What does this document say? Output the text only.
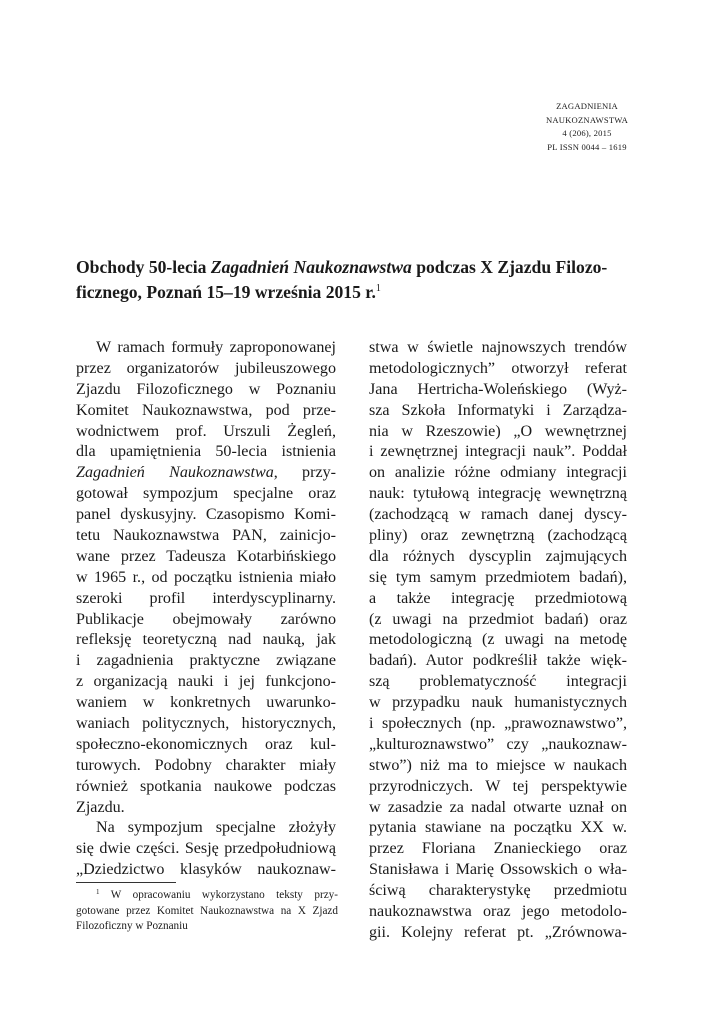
ZAGADNIENIA
NAUKOZNAWSTWA
4 (206), 2015
PL ISSN 0044 – 1619
Obchody 50-lecia Zagadnień Naukoznawstwa podczas X Zjazdu Filozo-
ficznego, Poznań 15–19 września 2015 r.$^1$
W ramach formuły zaproponowanej
przez organizatorów jubileuszowego
Zjazdu Filozoficznego w Poznaniu
Komitet Naukoznawstwa, pod prze-
wodnictwem prof. Urszuli Żegleń,
dla upamiętnienia 50-lecia istnienia
Zagadnień Naukoznawstwa, przy-
gotował sympozjum specjalne oraz
panel dyskusyjny. Czasopismo Komi-
tetu Naukoznawstwa PAN, zainicjo-
wane przez Tadeusza Kotarbińskiego
w 1965 r., od początku istnienia miało
szeroki profil interdyscyplinarny.
Publikacje obejmowały zarówno
refleksję teoretyczną nad nauką, jak
i zagadnienia praktyczne związane
z organizacją nauki i jej funkcjono-
waniem w konkretnych uwarunko-
waniach politycznych, historycznych,
społeczno-ekonomicznych oraz kul-
turowych. Podobny charakter miały
również spotkania naukowe podczas
Zjazdu.
Na sympozjum specjalne złożyły
się dwie części. Sesję przedpołudniową
„Dziedzictwo klasyków naukoznaw-
stwa w świetle najnowszych trendów
metodologicznych” otworzył referat
Jana Hertricha-Woleńskiego (Wyż-
sza Szkoła Informatyki i Zarządza-
nia w Rzeszowie) „O wewnętrznej
i zewnętrznej integracji nauk”. Poddał
on analizie różne odmiany integracji
nauk: tytułową integrację wewnętrzną
(zachodzącą w ramach danej dyscy-
pliny) oraz zewnętrzną (zachodzącą
dla różnych dyscyplin zajmujących
się tym samym przedmiotem badań),
a także integrację przedmiotową
(z uwagi na przedmiot badań) oraz
metodologiczną (z uwagi na metodę
badań). Autor podkreślił także więk-
szą problematyczność integracji
w przypadku nauk humanistycznych
i społecznych (np. „prawoznawstwo”,
„kulturoznawstwo” czy „naukoznaw-
stwo”) niż ma to miejsce w naukach
przyrodniczych. W tej perspektywie
w zasadzie za nadal otwarte uznał on
pytania stawiane na początku XX w.
przez Floriana Znanieckiego oraz
Stanisława i Marię Ossowskich o wła-
ściwą charakterystykę przedmiotu
naukoznawstwa oraz jego metodolo-
gii. Kolejny referat pt. „Zrównowa-
$^1$ W opracowaniu wykorzystano teksty przy-
gotowane przez Komitet Naukoznawstwa na X Zjazd
Filozoficzny w Poznaniu
